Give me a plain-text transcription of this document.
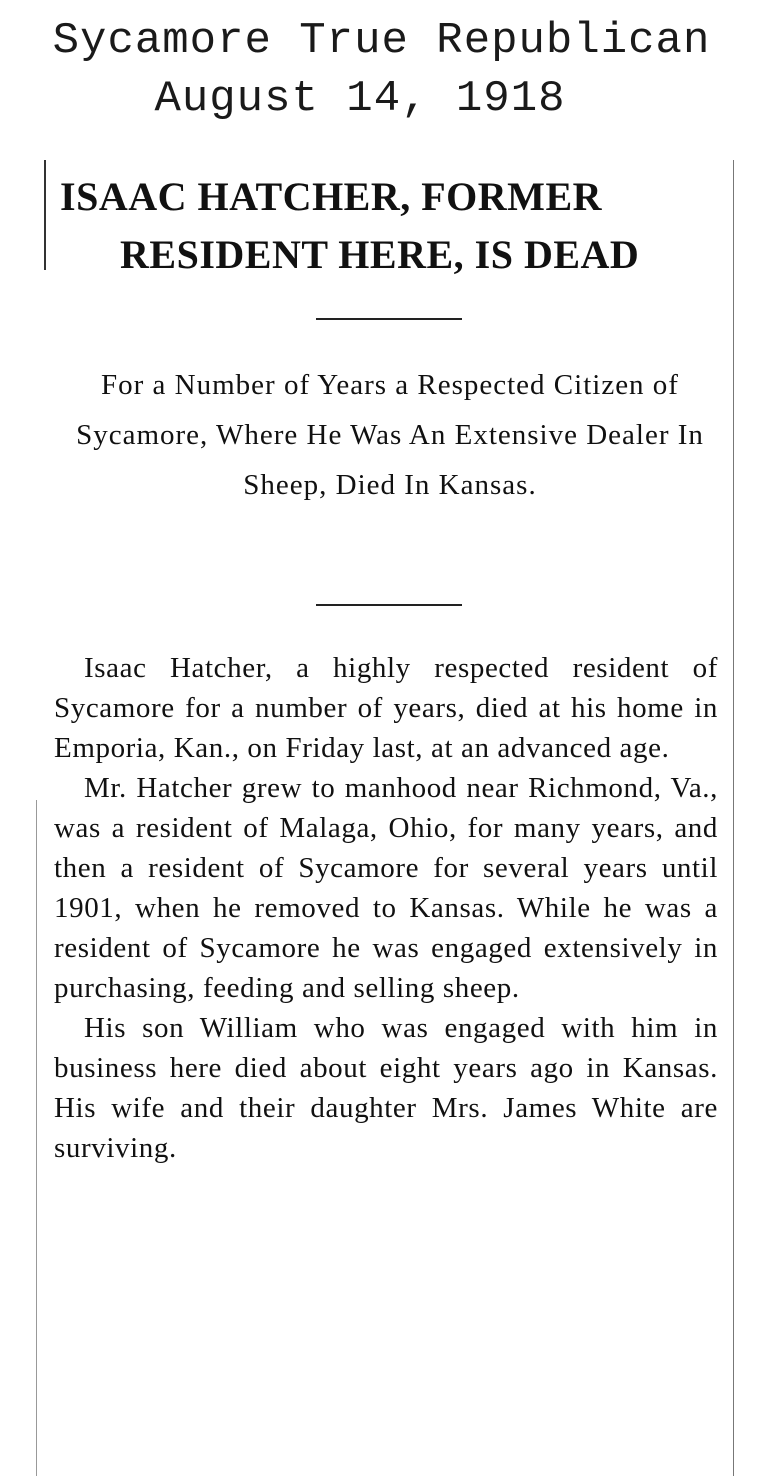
Sycamore True Republican
August 14, 1918
ISAAC HATCHER, FORMER
RESIDENT HERE, IS DEAD
For a Number of Years a Respected Citizen of Sycamore, Where He Was An Extensive Dealer In Sheep, Died In Kansas.

Isaac Hatcher, a highly respected resident of Sycamore for a number of years, died at his home in Emporia, Kan., on Friday last, at an advanced age.

Mr. Hatcher grew to manhood near Richmond, Va., was a resident of Malaga, Ohio, for many years, and then a resident of Sycamore for several years until 1901, when he removed to Kansas. While he was a resident of Sycamore he was engaged extensively in purchasing, feeding and selling sheep.

His son William who was engaged with him in business here died about eight years ago in Kansas. His wife and their daughter Mrs. James White are surviving.
